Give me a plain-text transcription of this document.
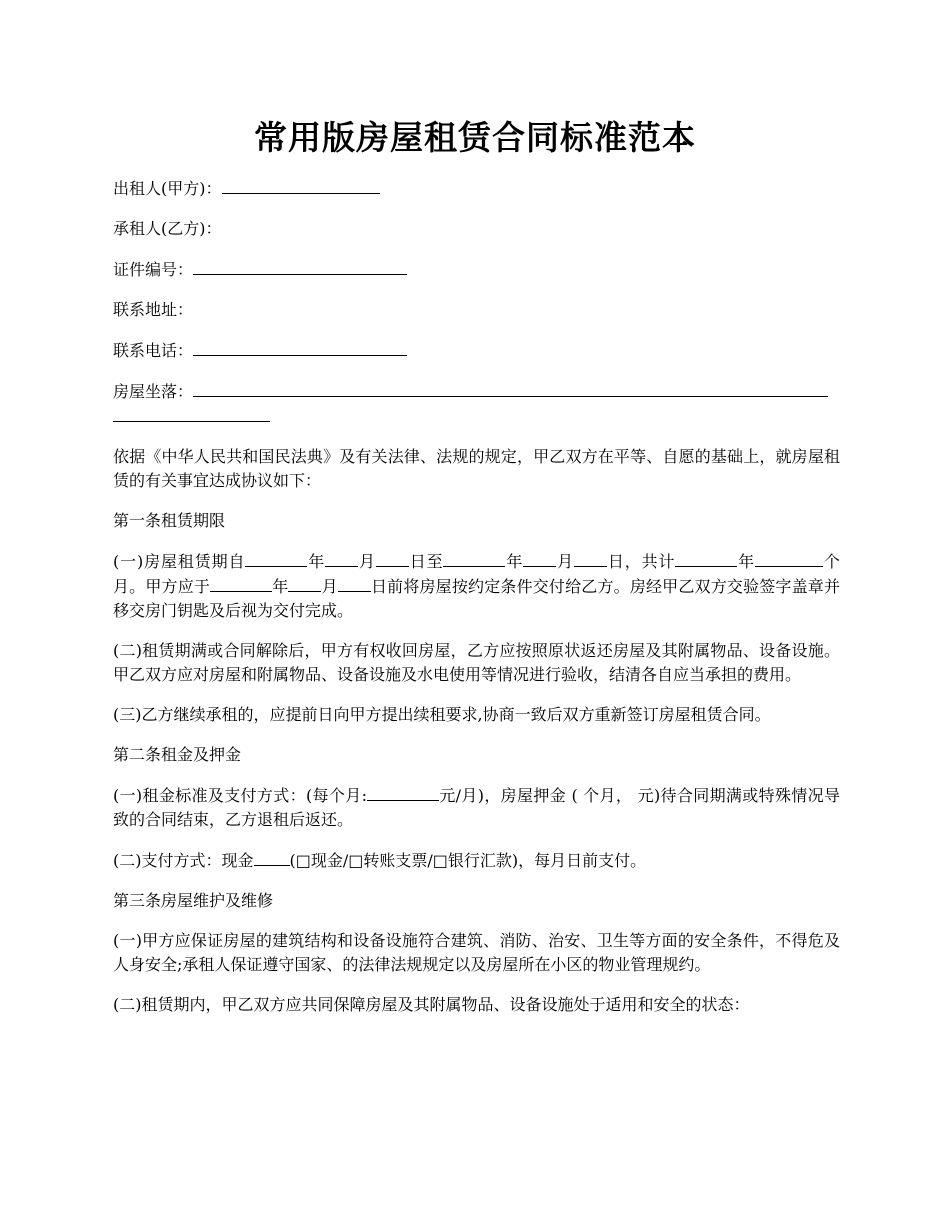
常用版房屋租赁合同标准范本
出租人(甲方)：
承租人(乙方)：
证件编号：
联系地址：
联系电话：
房屋坐落：

依据《中华人民共和国民法典》及有关法律、法规的规定，甲乙双方在平等、自愿的基础上，就房屋租赁的有关事宜达成协议如下：

第一条租赁期限

(一)房屋租赁期自	年 月 日至	年 月 日，共计	年	个月。甲方应于	年 月 日前将房屋按约定条件交付给乙方。房经甲乙双方交验签字盖章并移交房门钥匙及后视为交付完成。

(二)租赁期满或合同解除后，甲方有权收回房屋，乙方应按照原状返还房屋及其附属物品、设备设施。甲乙双方应对房屋和附属物品、设备设施及水电使用等情况进行验收，结清各自应当承担的费用。

(三)乙方继续承租的，应提前日向甲方提出续租要求,协商一致后双方重新签订房屋租赁合同。

第二条租金及押金

(一)租金标准及支付方式：(每个月:	元/月)，房屋押金 ( 个月， 元)待合同期满或特殊情况导致的合同结束，乙方退租后返还。

(二)支付方式：现金 (□现金/□转账支票/□银行汇款)，每月日前支付。

第三条房屋维护及维修

(一)甲方应保证房屋的建筑结构和设备设施符合建筑、消防、治安、卫生等方面的安全条件，不得危及人身安全;承租人保证遵守国家、的法律法规规定以及房屋所在小区的物业管理规约。

(二)租赁期内，甲乙双方应共同保障房屋及其附属物品、设备设施处于适用和安全的状态：
